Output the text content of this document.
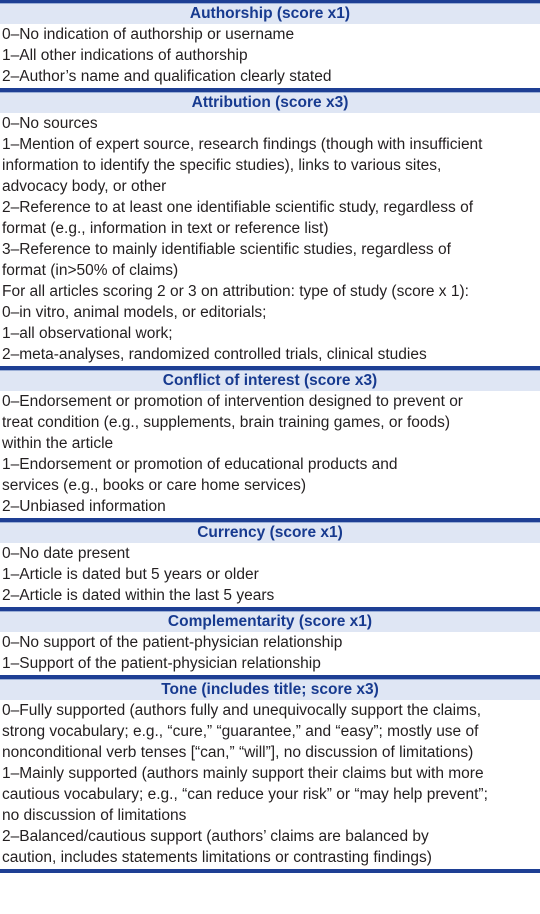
Authorship (score x1)
0–No indication of authorship or username
1–All other indications of authorship
2–Author’s name and qualification clearly stated
Attribution (score x3)
0–No sources
1–Mention of expert source, research findings (though with insufficient
information to identify the specific studies), links to various sites,
advocacy body, or other
2–Reference to at least one identifiable scientific study, regardless of
format (e.g., information in text or reference list)
3–Reference to mainly identifiable scientific studies, regardless of
format (in>50% of claims)
For all articles scoring 2 or 3 on attribution: type of study (score x 1):
0–in vitro, animal models, or editorials;
1–all observational work;
2–meta-analyses, randomized controlled trials, clinical studies
Conflict of interest (score x3)
0–Endorsement or promotion of intervention designed to prevent or
treat condition (e.g., supplements, brain training games, or foods)
within the article
1–Endorsement or promotion of educational products and
services (e.g., books or care home services)
2–Unbiased information
Currency (score x1)
0–No date present
1–Article is dated but 5 years or older
2–Article is dated within the last 5 years
Complementarity (score x1)
0–No support of the patient-physician relationship
1–Support of the patient-physician relationship
Tone (includes title; score x3)
0–Fully supported (authors fully and unequivocally support the claims,
strong vocabulary; e.g., “cure,” “guarantee,” and “easy”; mostly use of
nonconditional verb tenses [“can,” “will”], no discussion of limitations)
1–Mainly supported (authors mainly support their claims but with more
cautious vocabulary; e.g., “can reduce your risk” or “may help prevent”;
no discussion of limitations
2–Balanced/cautious support (authors’ claims are balanced by
caution, includes statements limitations or contrasting findings)
